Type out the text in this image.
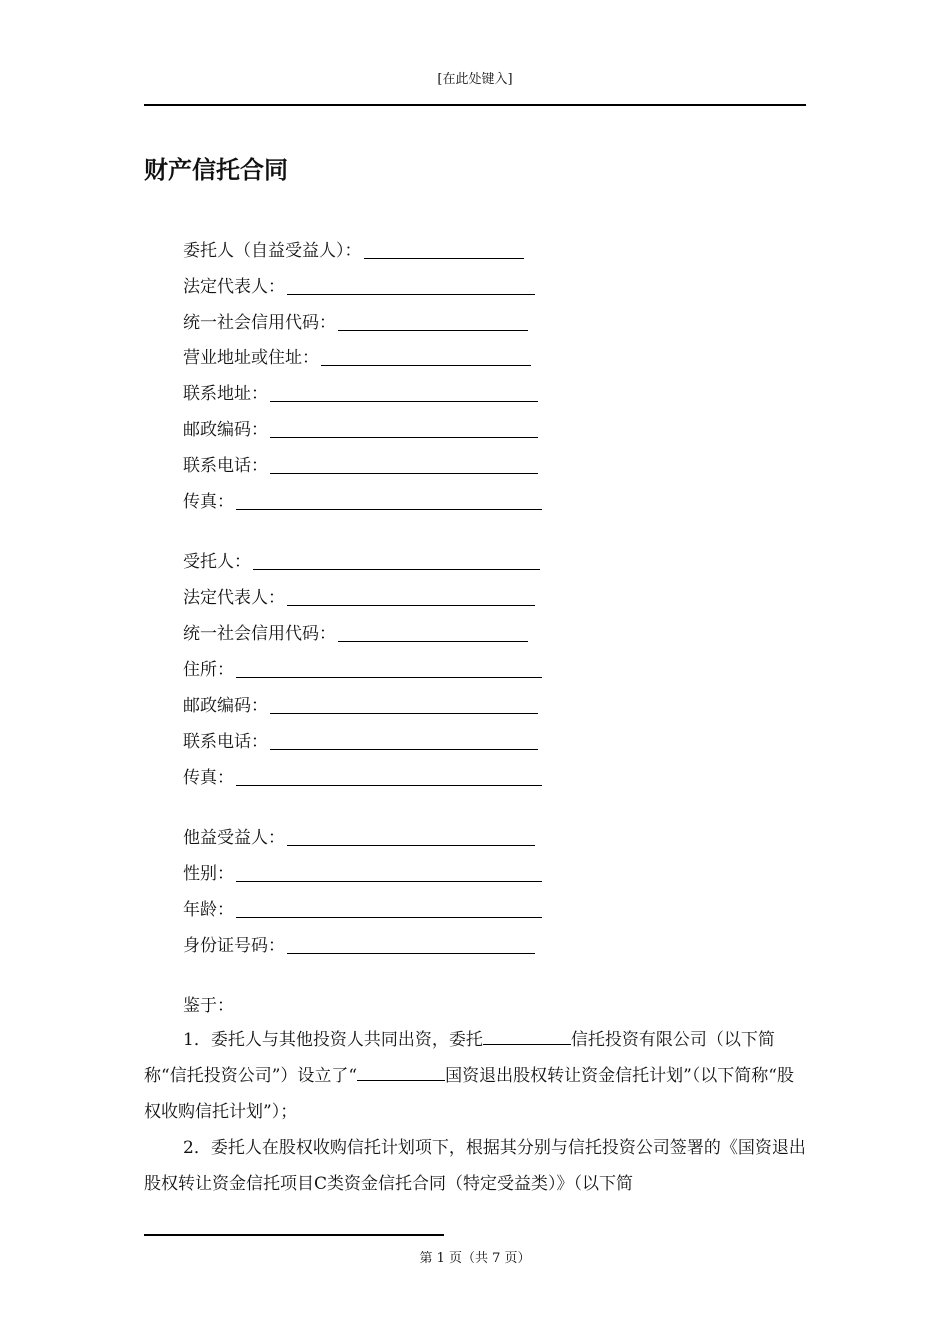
[在此处键入]
财产信托合同
委托人（自益受益人）：
法定代表人：
统一社会信用代码：
营业地址或住址：
联系地址：
邮政编码：
联系电话：
传真：
受托人：
法定代表人：
统一社会信用代码：
住所：
邮政编码：
联系电话：
传真：
他益受益人：
性别：
年龄：
身份证号码：
鉴于：
1．委托人与其他投资人共同出资，委托	信托投资有限公司（以下简称“信托投资公司”）设立了“	国资退出股权转让资金信托计划”（以下简称“股权收购信托计划”）；
2．委托人在股权收购信托计划项下，根据其分别与信托投资公司签署的《国资退出股权转让资金信托项目C类资金信托合同（特定受益类）》（以下简
第 1 页（共 7 页）
